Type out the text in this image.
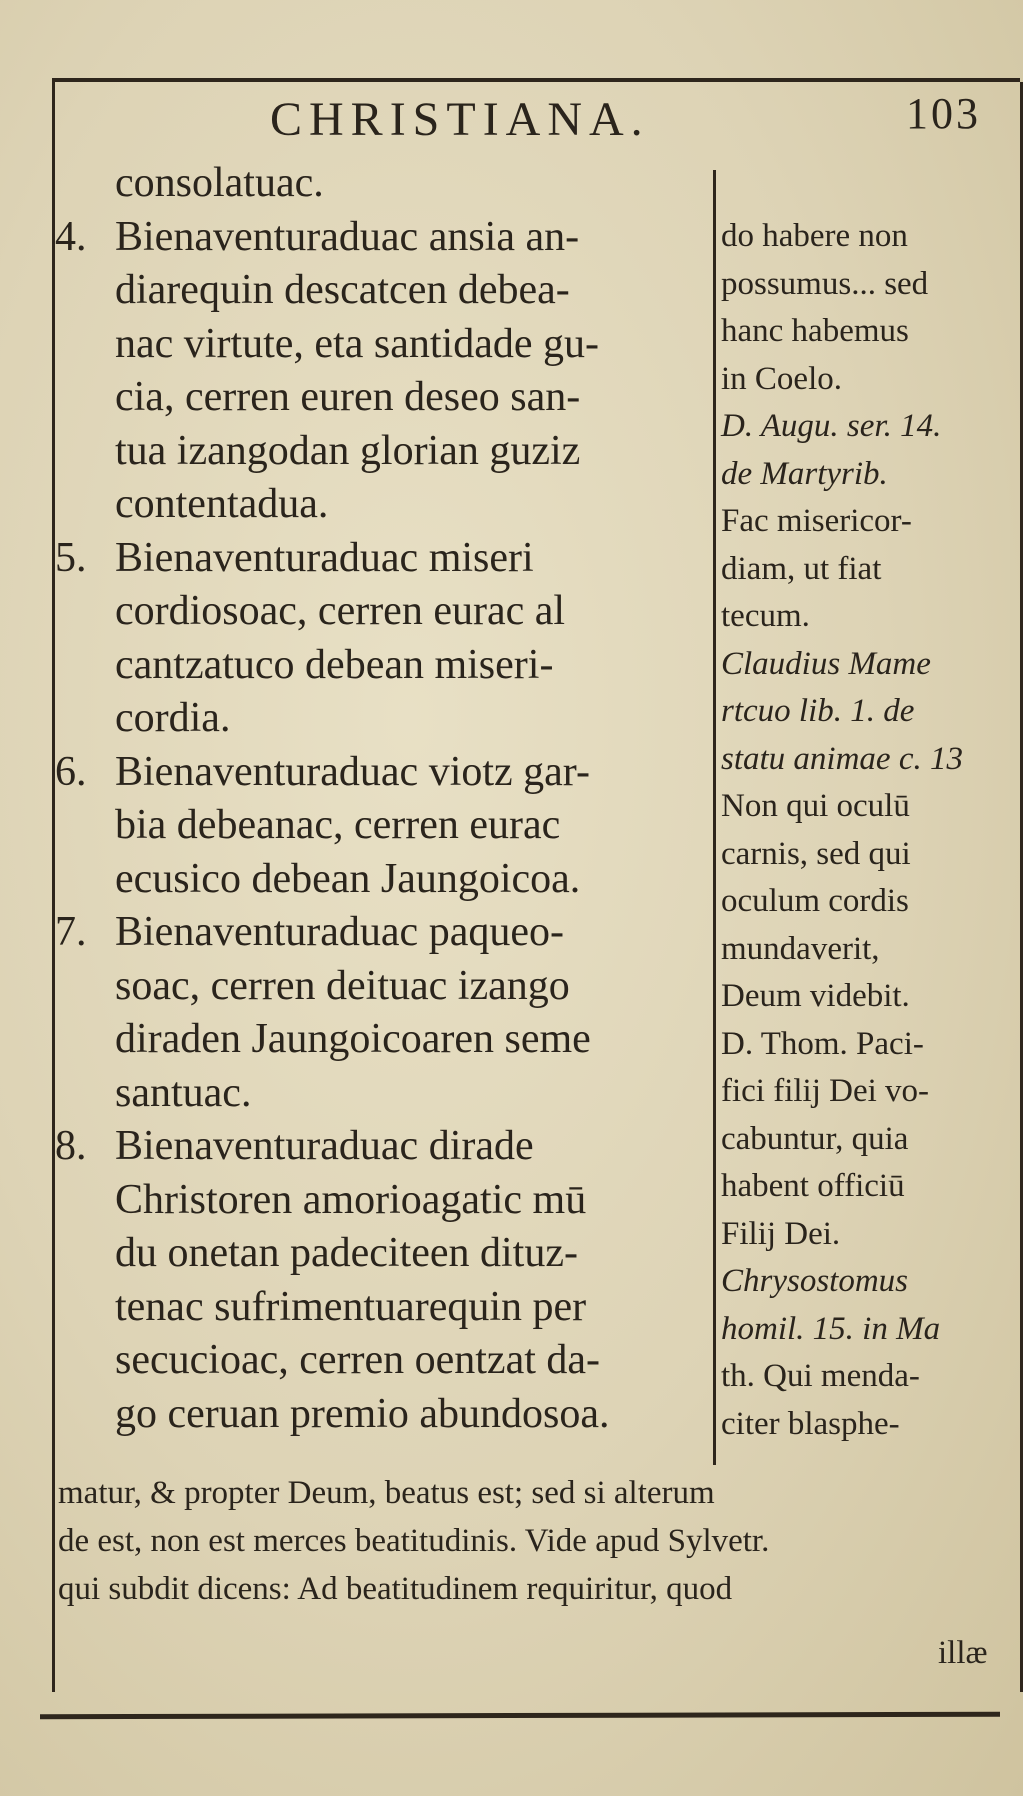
CHRISTIANA.	103
consolatuac.
4. Bienaventuraduac ansia an-
diarequin descatcen debea-
nac virtute, eta santidade gu-
cia, cerren euren deseo san-
tua izangodan glorian guziz
contentadua.
5. Bienaventuraduac miseri
cordiosoac, cerren eurac al
cantzatuco debean miseri-
cordia.
6. Bienaventuraduac viotz gar-
bia debeanac, cerren eurac
ecusico debean Jaungoicoa.
7. Bienaventuraduac paqueo-
soac, cerren deituac izango
diraden Jaungoicoaren seme
santuac.
8. Bienaventuraduac dirade
Christoren amorioagatic mū
du onetan padeciteen dituz-
tenac sufrimentuarequin per
secucioac, cerren oentzat da-
go ceruan premio abundosoa.
do habere non
possumus... sed
hanc habemus
in Coelo.
D. Augu. ser. 14.
de Martyrib.
Fac misericor-
diam, ut fiat
tecum.
Claudius Mame
rtcuo lib. 1. de
statu animae c. 13
Non qui oculū
carnis, sed qui
oculum cordis
mundaverit,
Deum videbit.
D. Thom. Paci-
fici filij Dei vo-
cabuntur, quia
habent officiū
Filij Dei.
Chrysostomus
homil. 15. in Ma
th. Qui menda-
citer blasphe-
matur, & propter Deum, beatus est; sed si alterum
de est, non est merces beatitudinis. Vide apud Sylvetr.
qui subdit dicens: Ad beatitudinem requiritur, quod
illæ
